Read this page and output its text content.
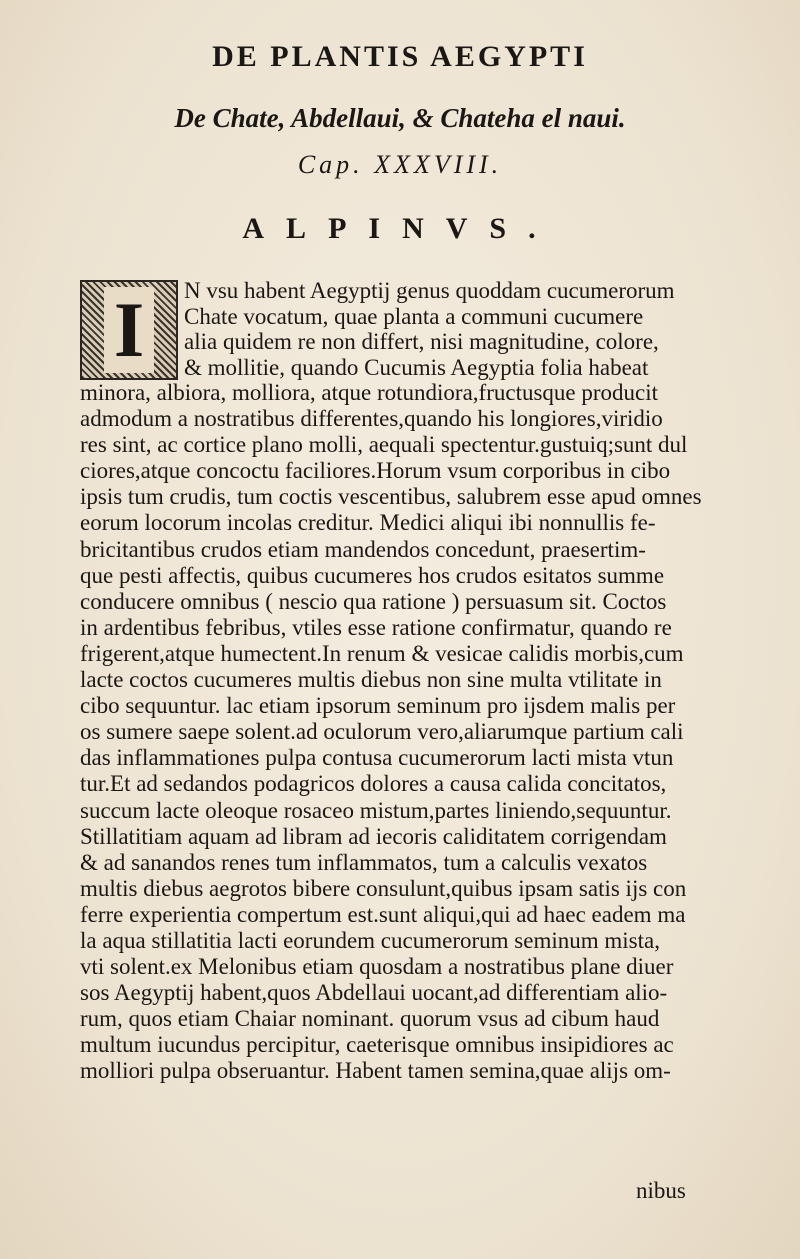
DE PLANTIS AEGYPTI
De Chate, Abdellaui, & Chateha el naui.
Cap. XXXVIII.
ALPINVS.
I	N vsu habent Aegyptij genus quoddam cucumerorum
Chate vocatum, quae planta a communi cucumere
alia quidem re non differt, nisi magnitudine, colore,
& mollitie, quando Cucumis Aegyptia folia habeat
minora, albiora, molliora, atque rotundiora,fructusque producit
admodum a nostratibus differentes,quando his longiores,viridio
res sint, ac cortice plano molli, aequali spectentur.gustuiq;sunt dul
ciores,atque concoctu faciliores.Horum vsum corporibus in cibo
ipsis tum crudis, tum coctis vescentibus, salubrem esse apud omnes
eorum locorum incolas creditur. Medici aliqui ibi nonnullis fe-
bricitantibus crudos etiam mandendos concedunt, praesertim-
que pesti affectis, quibus cucumeres hos crudos esitatos summe
conducere omnibus ( nescio qua ratione ) persuasum sit. Coctos
in ardentibus febribus, vtiles esse ratione confirmatur, quando re
frigerent,atque humectent.In renum & vesicae calidis morbis,cum
lacte coctos cucumeres multis diebus non sine multa vtilitate in
cibo sequuntur. lac etiam ipsorum seminum pro ijsdem malis per
os sumere saepe solent.ad oculorum vero,aliarumque partium cali
das inflammationes pulpa contusa cucumerorum lacti mista vtun
tur.Et ad sedandos podagricos dolores a causa calida concitatos,
succum lacte oleoque rosaceo mistum,partes liniendo,sequuntur.
Stillatitiam aquam ad libram ad iecoris caliditatem corrigendam
& ad sanandos renes tum inflammatos, tum a calculis vexatos
multis diebus aegrotos bibere consulunt,quibus ipsam satis ijs con
ferre experientia compertum est.sunt aliqui,qui ad haec eadem ma
la aqua stillatitia lacti eorundem cucumerorum seminum mista,
vti solent.ex Melonibus etiam quosdam a nostratibus plane diuer
sos Aegyptij habent,quos Abdellaui uocant,ad differentiam alio-
rum, quos etiam Chaiar nominant. quorum vsus ad cibum haud
multum iucundus percipitur, caeterisque omnibus insipidiores ac
molliori pulpa obseruantur. Habent tamen semina,quae alijs om-
nibus
